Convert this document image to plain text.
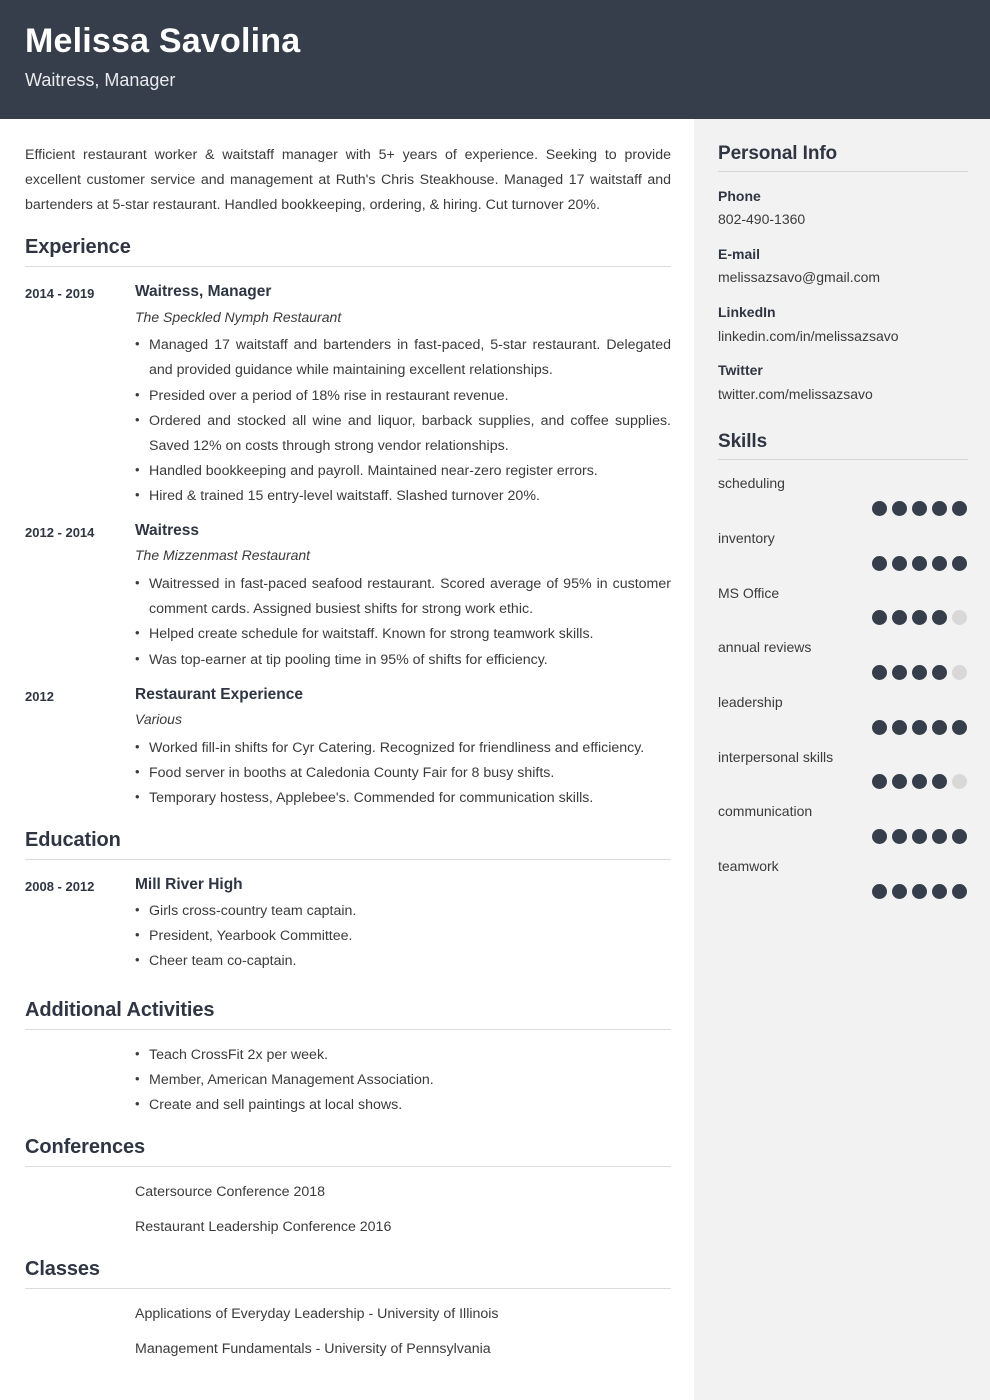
Melissa Savolina
Waitress, Manager
Efficient restaurant worker & waitstaff manager with 5+ years of experience. Seeking to provide excellent customer service and management at Ruth's Chris Steakhouse. Managed 17 waitstaff and bartenders at 5-star restaurant. Handled bookkeeping, ordering, & hiring. Cut turnover 20%.
Experience
2014 - 2019	Waitress, Manager
The Speckled Nymph Restaurant
• Managed 17 waitstaff and bartenders in fast-paced, 5-star restaurant. Delegated and provided guidance while maintaining excellent relationships.
• Presided over a period of 18% rise in restaurant revenue.
• Ordered and stocked all wine and liquor, barback supplies, and coffee supplies. Saved 12% on costs through strong vendor relationships.
• Handled bookkeeping and payroll. Maintained near-zero register errors.
• Hired & trained 15 entry-level waitstaff. Slashed turnover 20%.
2012 - 2014	Waitress
The Mizzenmast Restaurant
• Waitressed in fast-paced seafood restaurant. Scored average of 95% in customer comment cards. Assigned busiest shifts for strong work ethic.
• Helped create schedule for waitstaff. Known for strong teamwork skills.
• Was top-earner at tip pooling time in 95% of shifts for efficiency.
2012	Restaurant Experience
Various
• Worked fill-in shifts for Cyr Catering. Recognized for friendliness and efficiency.
• Food server in booths at Caledonia County Fair for 8 busy shifts.
• Temporary hostess, Applebee's. Commended for communication skills.
Education
2008 - 2012	Mill River High
• Girls cross-country team captain.
• President, Yearbook Committee.
• Cheer team co-captain.
Additional Activities
• Teach CrossFit 2x per week.
• Member, American Management Association.
• Create and sell paintings at local shows.
Conferences
Catersource Conference 2018
Restaurant Leadership Conference 2016
Classes
Applications of Everyday Leadership - University of Illinois
Management Fundamentals - University of Pennsylvania
Personal Info
Phone
802-490-1360
E-mail
melissazsavo@gmail.com
LinkedIn
linkedin.com/in/melissazsavo
Twitter
twitter.com/melissazsavo
Skills
scheduling
inventory
MS Office
annual reviews
leadership
interpersonal skills
communication
teamwork
